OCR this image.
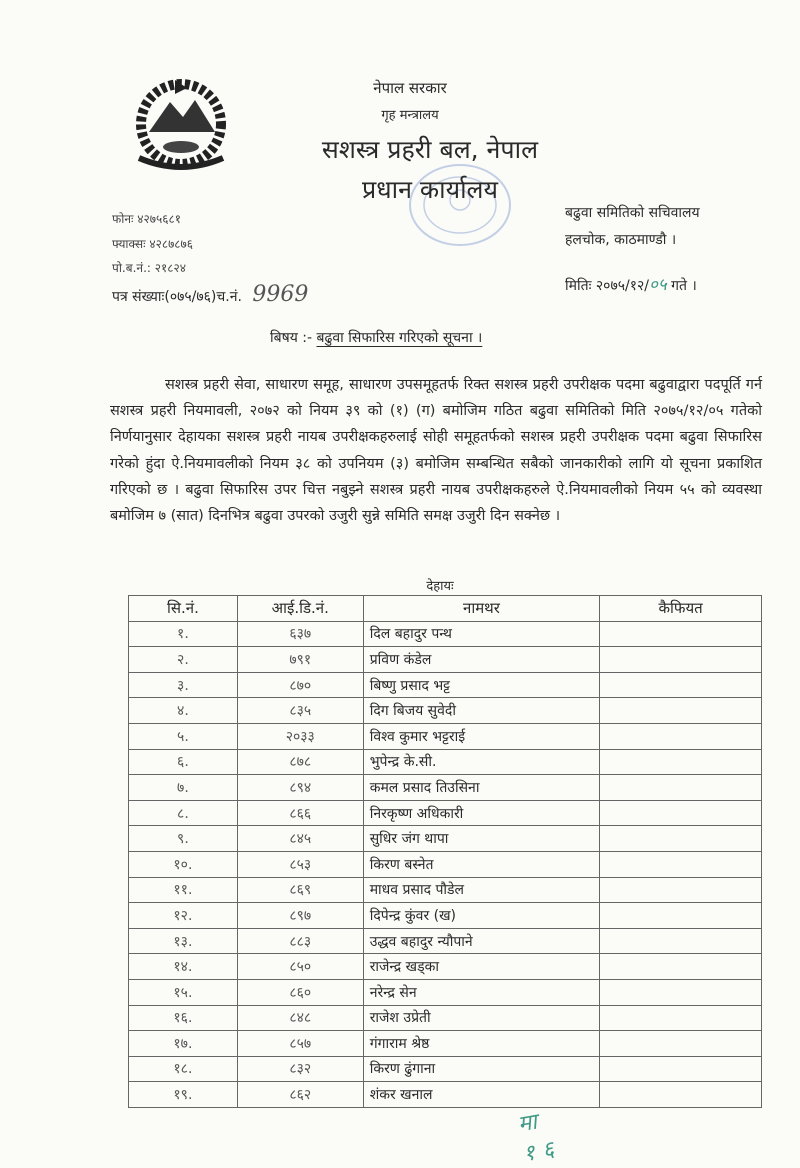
नेपाल सरकार
गृह मन्त्रालय
सशस्त्र प्रहरी बल, नेपाल
प्रधान कार्यालय
फोनः ४२७५६८१
फ्याक्सः ४२८७८७६
पो.ब.नं.: २१८२४
पत्र संख्याः(०७५/७६)च.नं. 9969
बढुवा समितिको सचिवालय
हलचोक, काठमाण्डौ ।
मितिः २०७५/१२/०५ गते ।
बिषय :- बढुवा सिफारिस गरिएको सूचना ।
सशस्त्र प्रहरी सेवा, साधारण समूह, साधारण उपसमूहतर्फ रिक्त सशस्त्र प्रहरी उपरीक्षक पदमा बढुवाद्वारा पदपूर्ति गर्न सशस्त्र प्रहरी नियमावली, २०७२ को नियम ३९ को (१) (ग) बमोजिम गठित बढुवा समितिको मिति २०७५/१२/०५ गतेको निर्णयानुसार देहायका सशस्त्र प्रहरी नायब उपरीक्षकहरुलाई सोही समूहतर्फको सशस्त्र प्रहरी उपरीक्षक पदमा बढुवा सिफारिस गरेको हुंदा ऐ.नियमावलीको नियम ३८ को उपनियम (३) बमोजिम सम्बन्धित सबैको जानकारीको लागि यो सूचना प्रकाशित गरिएको छ । बढुवा सिफारिस उपर चित्त नबुझ्ने सशस्त्र प्रहरी नायब उपरीक्षकहरुले ऐ.नियमावलीको नियम ५५ को व्यवस्था बमोजिम ७ (सात) दिनभित्र बढुवा उपरको उजुरी सुन्ने समिति समक्ष उजुरी दिन सक्नेछ ।
देहायः
सि.नं.	आई.डि.नं.	नामथर	कैफियत
१.	६३७	दिल बहादुर पन्थ	
२.	७९१	प्रविण कंडेल	
३.	८७०	बिष्णु प्रसाद भट्ट	
४.	८३५	दिग बिजय सुवेदी	
५.	२०३३	विश्व कुमार भट्टराई	
६.	८७८	भुपेन्द्र के.सी.	
७.	८९४	कमल प्रसाद तिउसिना	
८.	८६६	निरकृष्ण अधिकारी	
९.	८४५	सुधिर जंग थापा	
१०.	८५३	किरण बस्नेत	
११.	८६९	माधव प्रसाद पौडेल	
१२.	८९७	दिपेन्द्र कुंवर (ख)	
१३.	८८३	उद्धव बहादुर न्यौपाने	
१४.	८५०	राजेन्द्र खड्का	
१५.	८६०	नरेन्द्र सेन	
१६.	८४८	राजेश उप्रेती	
१७.	८५७	गंगाराम श्रेष्ठ	
१८.	८३२	किरण ढुंगाना	
१९.	८६२	शंकर खनाल	
मा १६
